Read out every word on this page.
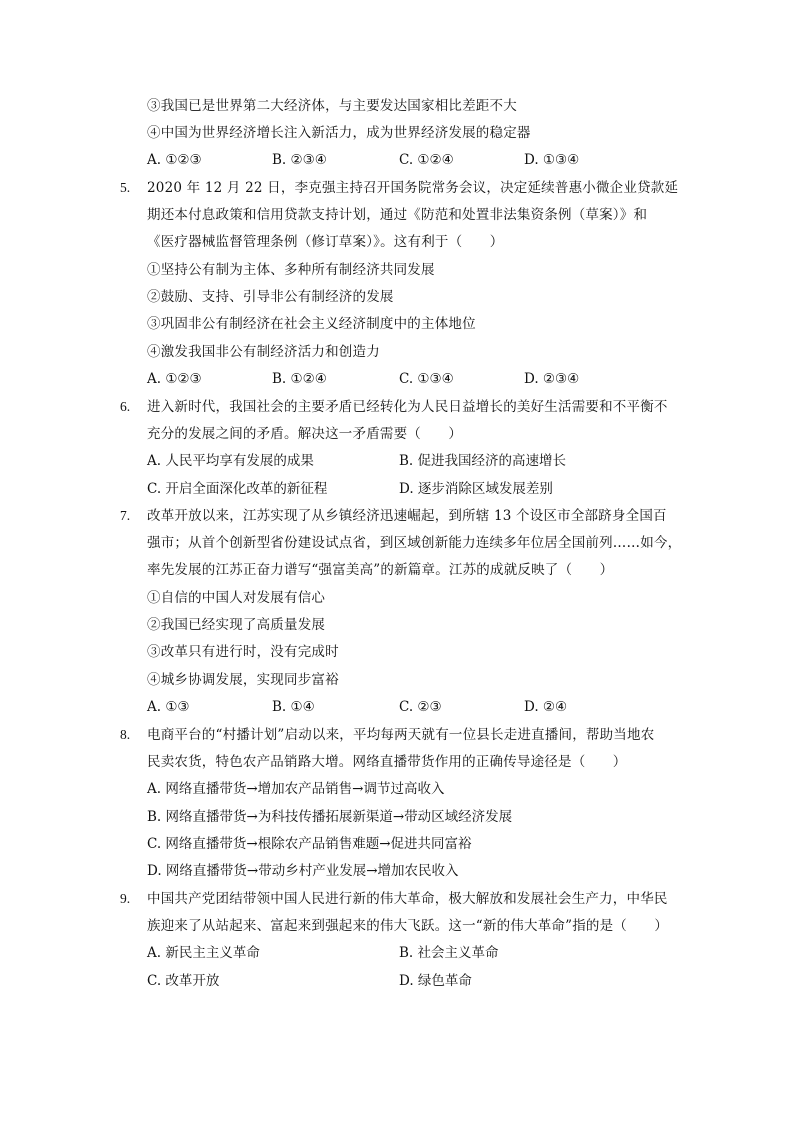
③我国已是世界第二大经济体，与主要发达国家相比差距不大
④中国为世界经济增长注入新活力，成为世界经济发展的稳定器
A. ①②③	B. ②③④	C. ①②④	D. ①③④
5. 2020 年 12 月 22 日，李克强主持召开国务院常务会议，决定延续普惠小微企业贷款延
期还本付息政策和信用贷款支持计划，通过《防范和处置非法集资条例（草案）》和
《医疗器械监督管理条例（修订草案）》。这有利于（　　）
①坚持公有制为主体、多种所有制经济共同发展
②鼓励、支持、引导非公有制经济的发展
③巩固非公有制经济在社会主义经济制度中的主体地位
④激发我国非公有制经济活力和创造力
A. ①②③	B. ①②④	C. ①③④	D. ②③④
6. 进入新时代，我国社会的主要矛盾已经转化为人民日益增长的美好生活需要和不平衡不
充分的发展之间的矛盾。解决这一矛盾需要（　　）
A. 人民平均享有发展的成果	B. 促进我国经济的高速增长
C. 开启全面深化改革的新征程	D. 逐步消除区域发展差别
7. 改革开放以来，江苏实现了从乡镇经济迅速崛起，到所辖 13 个设区市全部跻身全国百
强市；从首个创新型省份建设试点省，到区域创新能力连续多年位居全国前列……如今，
率先发展的江苏正奋力谱写“强富美高”的新篇章。江苏的成就反映了（　　）
①自信的中国人对发展有信心
②我国已经实现了高质量发展
③改革只有进行时，没有完成时
④城乡协调发展，实现同步富裕
A. ①③	B. ①④	C. ②③	D. ②④
8. 电商平台的“村播计划”启动以来，平均每两天就有一位县长走进直播间，帮助当地农
民卖农货，特色农产品销路大增。网络直播带货作用的正确传导途径是（　　）
A. 网络直播带货→增加农产品销售→调节过高收入
B. 网络直播带货→为科技传播拓展新渠道→带动区域经济发展
C. 网络直播带货→根除农产品销售难题→促进共同富裕
D. 网络直播带货→带动乡村产业发展→增加农民收入
9. 中国共产党团结带领中国人民进行新的伟大革命，极大解放和发展社会生产力，中华民
族迎来了从站起来、富起来到强起来的伟大飞跃。这一“新的伟大革命”指的是（　　）
A. 新民主主义革命	B. 社会主义革命
C. 改革开放	D. 绿色革命
